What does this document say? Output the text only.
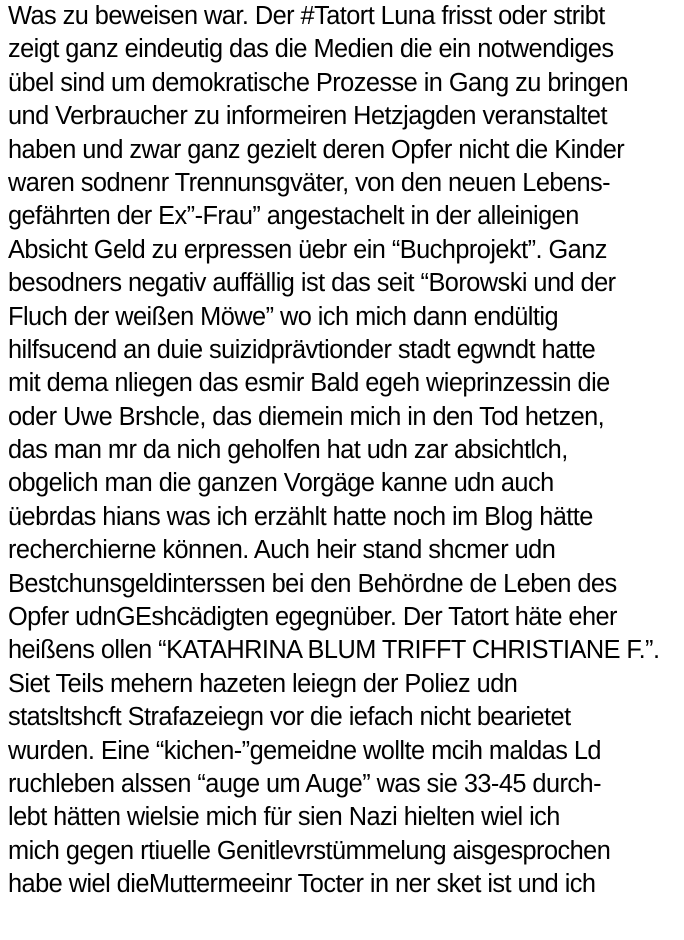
Was zu beweisen war. Der #Tatort Luna frisst oder stribt
zeigt ganz eindeutig das die Medien die ein notwendiges
übel sind um demokratische Prozesse in Gang zu bringen
und Verbraucher zu informeiren Hetzjagden veranstaltet
haben und zwar ganz gezielt deren Opfer nicht die Kinder
waren sodnenr Trennunsgväter, von den neuen Lebens-
gefährten der Ex”-Frau” angestachelt in der alleinigen
Absicht Geld zu erpressen üebr ein “Buchprojekt”. Ganz
besodners negativ auffällig ist das seit “Borowski und der
Fluch der weißen Möwe” wo ich mich dann endültig
hilfsucend an duie suizidprävtionder stadt egwndt hatte
mit dema nliegen das esmir Bald egeh wieprinzessin die
oder Uwe Brshcle, das diemein mich in den Tod hetzen,
das man mr da nich geholfen hat udn zar absichtlch,
obgelich man die ganzen Vorgäge kanne udn auch
üebrdas hians was ich erzählt hatte noch im Blog hätte
recherchierne können. Auch heir stand shcmer udn
Bestchunsgeldinterssen bei den Behördne de Leben des
Opfer udnGEshcädigten egegnüber. Der Tatort häte eher
heißens ollen “KATAHRINA BLUM TRIFFT CHRISTIANE F.”.
Siet Teils mehern hazeten leiegn der Poliez udn
statsltshcft Strafazeiegn vor die iefach nicht bearietet
wurden. Eine “kichen-”gemeidne wollte mcih maldas Ld
ruchleben alssen “auge um Auge” was sie 33-45 durch-
lebt hätten wielsie mich für sien Nazi hielten wiel ich
mich gegen rtiuelle Genitlevrstümmelung aisgesprochen
habe wiel dieMuttermeeinr Tocter in ner sket ist und ich
